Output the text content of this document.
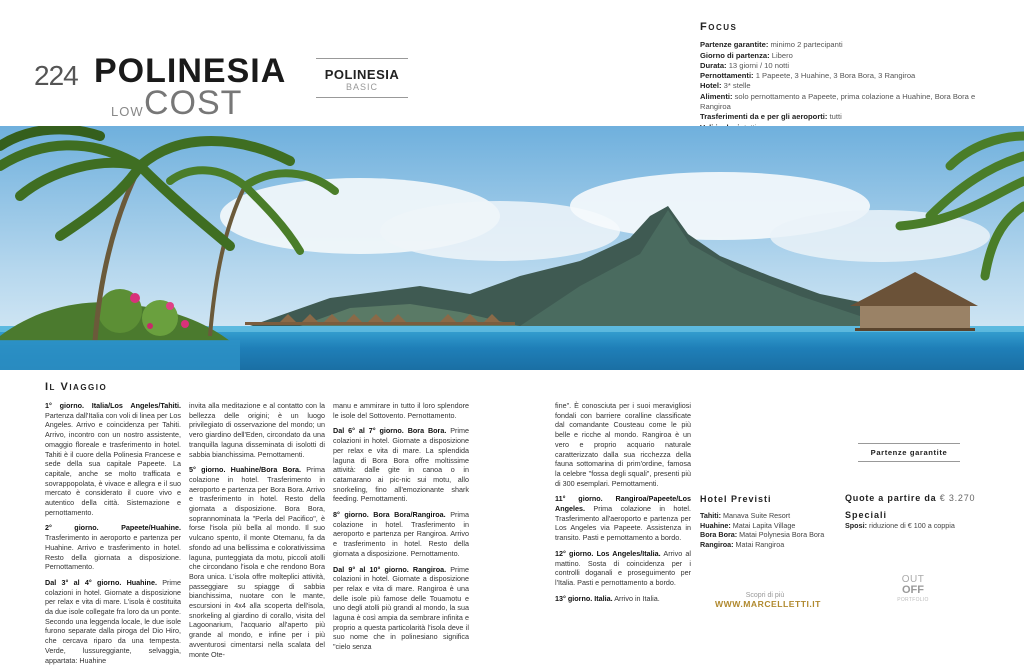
224 POLINESIA
LOW COST
POLINESIA
BASIC
Focus
Partenze garantite: minimo 2 partecipanti
Giorno di partenza: Libero
Durata: 13 giorni / 10 notti
Pernottamenti: 1 Papeete, 3 Huahine, 3 Bora Bora, 3 Rangiroa
Hotel: 3* stelle
Alimenti: solo pernottamento a Papeete, prima colazione a Huahine, Bora Bora e Rangiroa
Trasferimenti da e per gli aeroporti: tutti
Il Viaggio

1° giorno. Italia/Los Angeles/Tahiti. Partenza dall'Italia con voli di linea per Los Angeles. Arrivo e coincidenza per Tahiti. Arrivo, incontro con un nostro assistente, omaggio floreale e trasferimento in hotel. Tahiti è il cuore della Polinesia Francese e sede della sua capitale Papeete. La capitale, anche se molto trafficata e sovrappopolata, è vivace e allegra e il suo mercato è considerato il cuore vivo e autentico della città. Sistemazione e pernottamento.

2° giorno. Papeete/Huahine. Trasferimento in aeroporto e partenza per Huahine. Arrivo e trasferimento in hotel. Resto della giornata a disposizione. Pernottamento.

Dal 3° al 4° giorno. Huahine. Prime colazioni in hotel. Giornate a disposizione per relax e vita di mare. L'isola è costituita da due isole collegate fra loro da un ponte. Secondo una leggenda locale, le due isole furono separate dalla piroga del Dio Hiro, che cercava riparo da una tempesta. Verde, lussureggiante, selvaggia, appartata: Huahine

invita alla meditazione e al contatto con la bellezza delle origini; è un luogo privilegiato di osservazione del mondo; un vero giardino dell'Eden, circondato da una tranquilla laguna disseminata di isolotti di sabbia bianchissima. Pernottamenti.

5° giorno. Huahine/Bora Bora. Prima colazione in hotel. Trasferimento in aeroporto e partenza per Bora Bora. Arrivo e trasferimento in hotel. Resto della giornata a disposizione. Bora Bora, soprannominata la "Perla del Pacifico", è forse l'isola più bella al mondo. Il suo vulcano spento, il monte Otemanu, fa da sfondo ad una bellissima e colorativissima laguna, punteggiata da motu, piccoli atolli che circondano l'isola e che rendono Bora Bora unica. L'isola offre molteplici attività, passeggiare su spiagge di sabbia bianchissima, nuotare con le mante, escursioni in 4x4 alla scoperta dell'isola, snorkeling al giardino di corallo, visita del Lagoonarium, l'acquario all'aperto più grande al mondo, e infine per i più avventurosi cimentarsi nella scalata del monte Ote-

manu e ammirare in tutto il loro splendore le isole del Sottovento. Pernottamento.

Dal 6° al 7° giorno. Bora Bora. Prime colazioni in hotel. Giornate a disposizione per relax e vita di mare. La splendida laguna di Bora Bora offre moltissime attività: dalle gite in canoa o in catamarano ai pic-nic sui motu, allo snorkeling, fino all'emozionante shark feeding. Pernottamenti.

8° giorno. Bora Bora/Rangiroa. Prima colazione in hotel. Trasferimento in aeroporto e partenza per Rangiroa. Arrivo e trasferimento in hotel. Resto della giornata a disposizione. Pernottamento.

Dal 9° al 10° giorno. Rangiroa. Prime colazioni in hotel. Giornate a disposizione per relax e vita di mare. Rangiroa è una delle isole più famose delle Touamotu e uno degli atolli più grandi al mondo, la sua laguna è così ampia da sembrare infinita e proprio a questa particolarità l'isola deve il suo nome che in polinesiano significa "cielo senza

fine". È conosciuta per i suoi meravigliosi fondali con barriere coralline classificate dal comandante Cousteau come le più belle e ricche al mondo. Rangiroa è un vero e proprio acquario naturale caratterizzato dalla sua ricchezza della fauna sottomarina di prim'ordine, famosa la celebre "fossa degli squali", presenti più di 300 esemplari. Pernottamenti.

11° giorno. Rangiroa/Papeete/Los Angeles. Prima colazione in hotel. Trasferimento all'aeroporto e partenza per Los Angeles via Papeete. Assistenza in transito. Pasti e pernottamento a bordo.

12° giorno. Los Angeles/Italia. Arrivo al mattino. Sosta di coincidenza per i controlli doganali e proseguimento per l'Italia. Pasti e pernottamento a bordo.

13° giorno. Italia. Arrivo in Italia.

Partenze garantite
Hotel Previsti
Tahiti: Manava Suite Resort
Huahine: Matai Lapita Village
Bora Bora: Matai Polynesia Bora Bora
Rangiroa: Matai Rangiroa
Quote a partire da € 3.270
Speciali
Sposi: riduzione di € 100 a coppia
Scopri di più
WWW.MARCELLETTI.IT
OUT
OFF
PORTFOLIO
